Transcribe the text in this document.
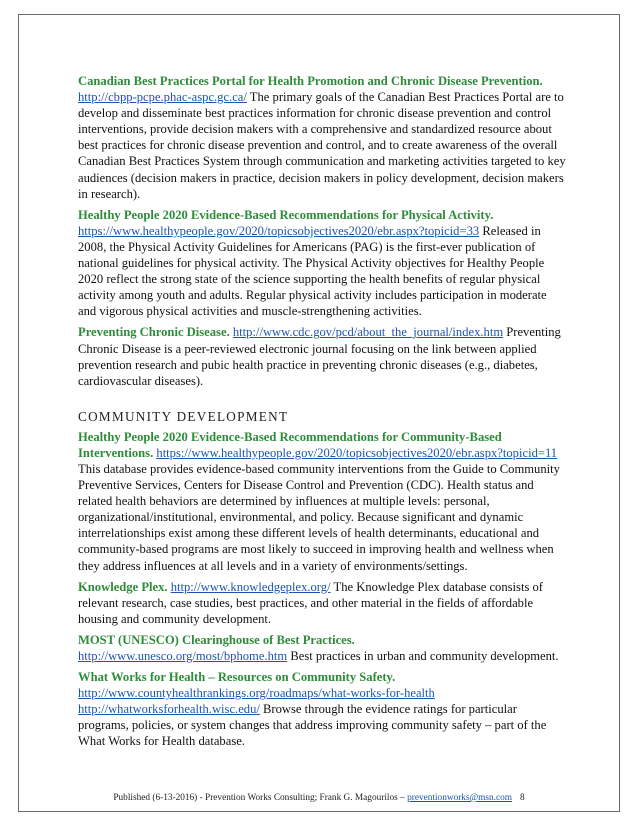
Canadian Best Practices Portal for Health Promotion and Chronic Disease Prevention. http://cbpp-pcpe.phac-aspc.gc.ca/ The primary goals of the Canadian Best Practices Portal are to develop and disseminate best practices information for chronic disease prevention and control interventions, provide decision makers with a comprehensive and standardized resource about best practices for chronic disease prevention and control, and to create awareness of the overall Canadian Best Practices System through communication and marketing activities targeted to key audiences (decision makers in practice, decision makers in policy development, decision makers in research).

Healthy People 2020 Evidence-Based Recommendations for Physical Activity. https://www.healthypeople.gov/2020/topicsobjectives2020/ebr.aspx?topicid=33 Released in 2008, the Physical Activity Guidelines for Americans (PAG) is the first-ever publication of national guidelines for physical activity. The Physical Activity objectives for Healthy People 2020 reflect the strong state of the science supporting the health benefits of regular physical activity among youth and adults. Regular physical activity includes participation in moderate and vigorous physical activities and muscle-strengthening activities.

Preventing Chronic Disease. http://www.cdc.gov/pcd/about_the_journal/index.htm Preventing Chronic Disease is a peer-reviewed electronic journal focusing on the link between applied prevention research and pubic health practice in preventing chronic diseases (e.g., diabetes, cardiovascular diseases).

COMMUNITY DEVELOPMENT

Healthy People 2020 Evidence-Based Recommendations for Community-Based Interventions. https://www.healthypeople.gov/2020/topicsobjectives2020/ebr.aspx?topicid=11 This database provides evidence-based community interventions from the Guide to Community Preventive Services, Centers for Disease Control and Prevention (CDC). Health status and related health behaviors are determined by influences at multiple levels: personal, organizational/institutional, environmental, and policy. Because significant and dynamic interrelationships exist among these different levels of health determinants, educational and community-based programs are most likely to succeed in improving health and wellness when they address influences at all levels and in a variety of environments/settings.

Knowledge Plex. http://www.knowledgeplex.org/ The Knowledge Plex database consists of relevant research, case studies, best practices, and other material in the fields of affordable housing and community development.

MOST (UNESCO) Clearinghouse of Best Practices. http://www.unesco.org/most/bphome.htm Best practices in urban and community development.

What Works for Health – Resources on Community Safety. http://www.countyhealthrankings.org/roadmaps/what-works-for-health http://whatworksforhealth.wisc.edu/ Browse through the evidence ratings for particular programs, policies, or system changes that address improving community safety – part of the What Works for Health database.

Published (6-13-2016) - Prevention Works Consulting; Frank G. Magourilos – preventionworks@msn.com 8
